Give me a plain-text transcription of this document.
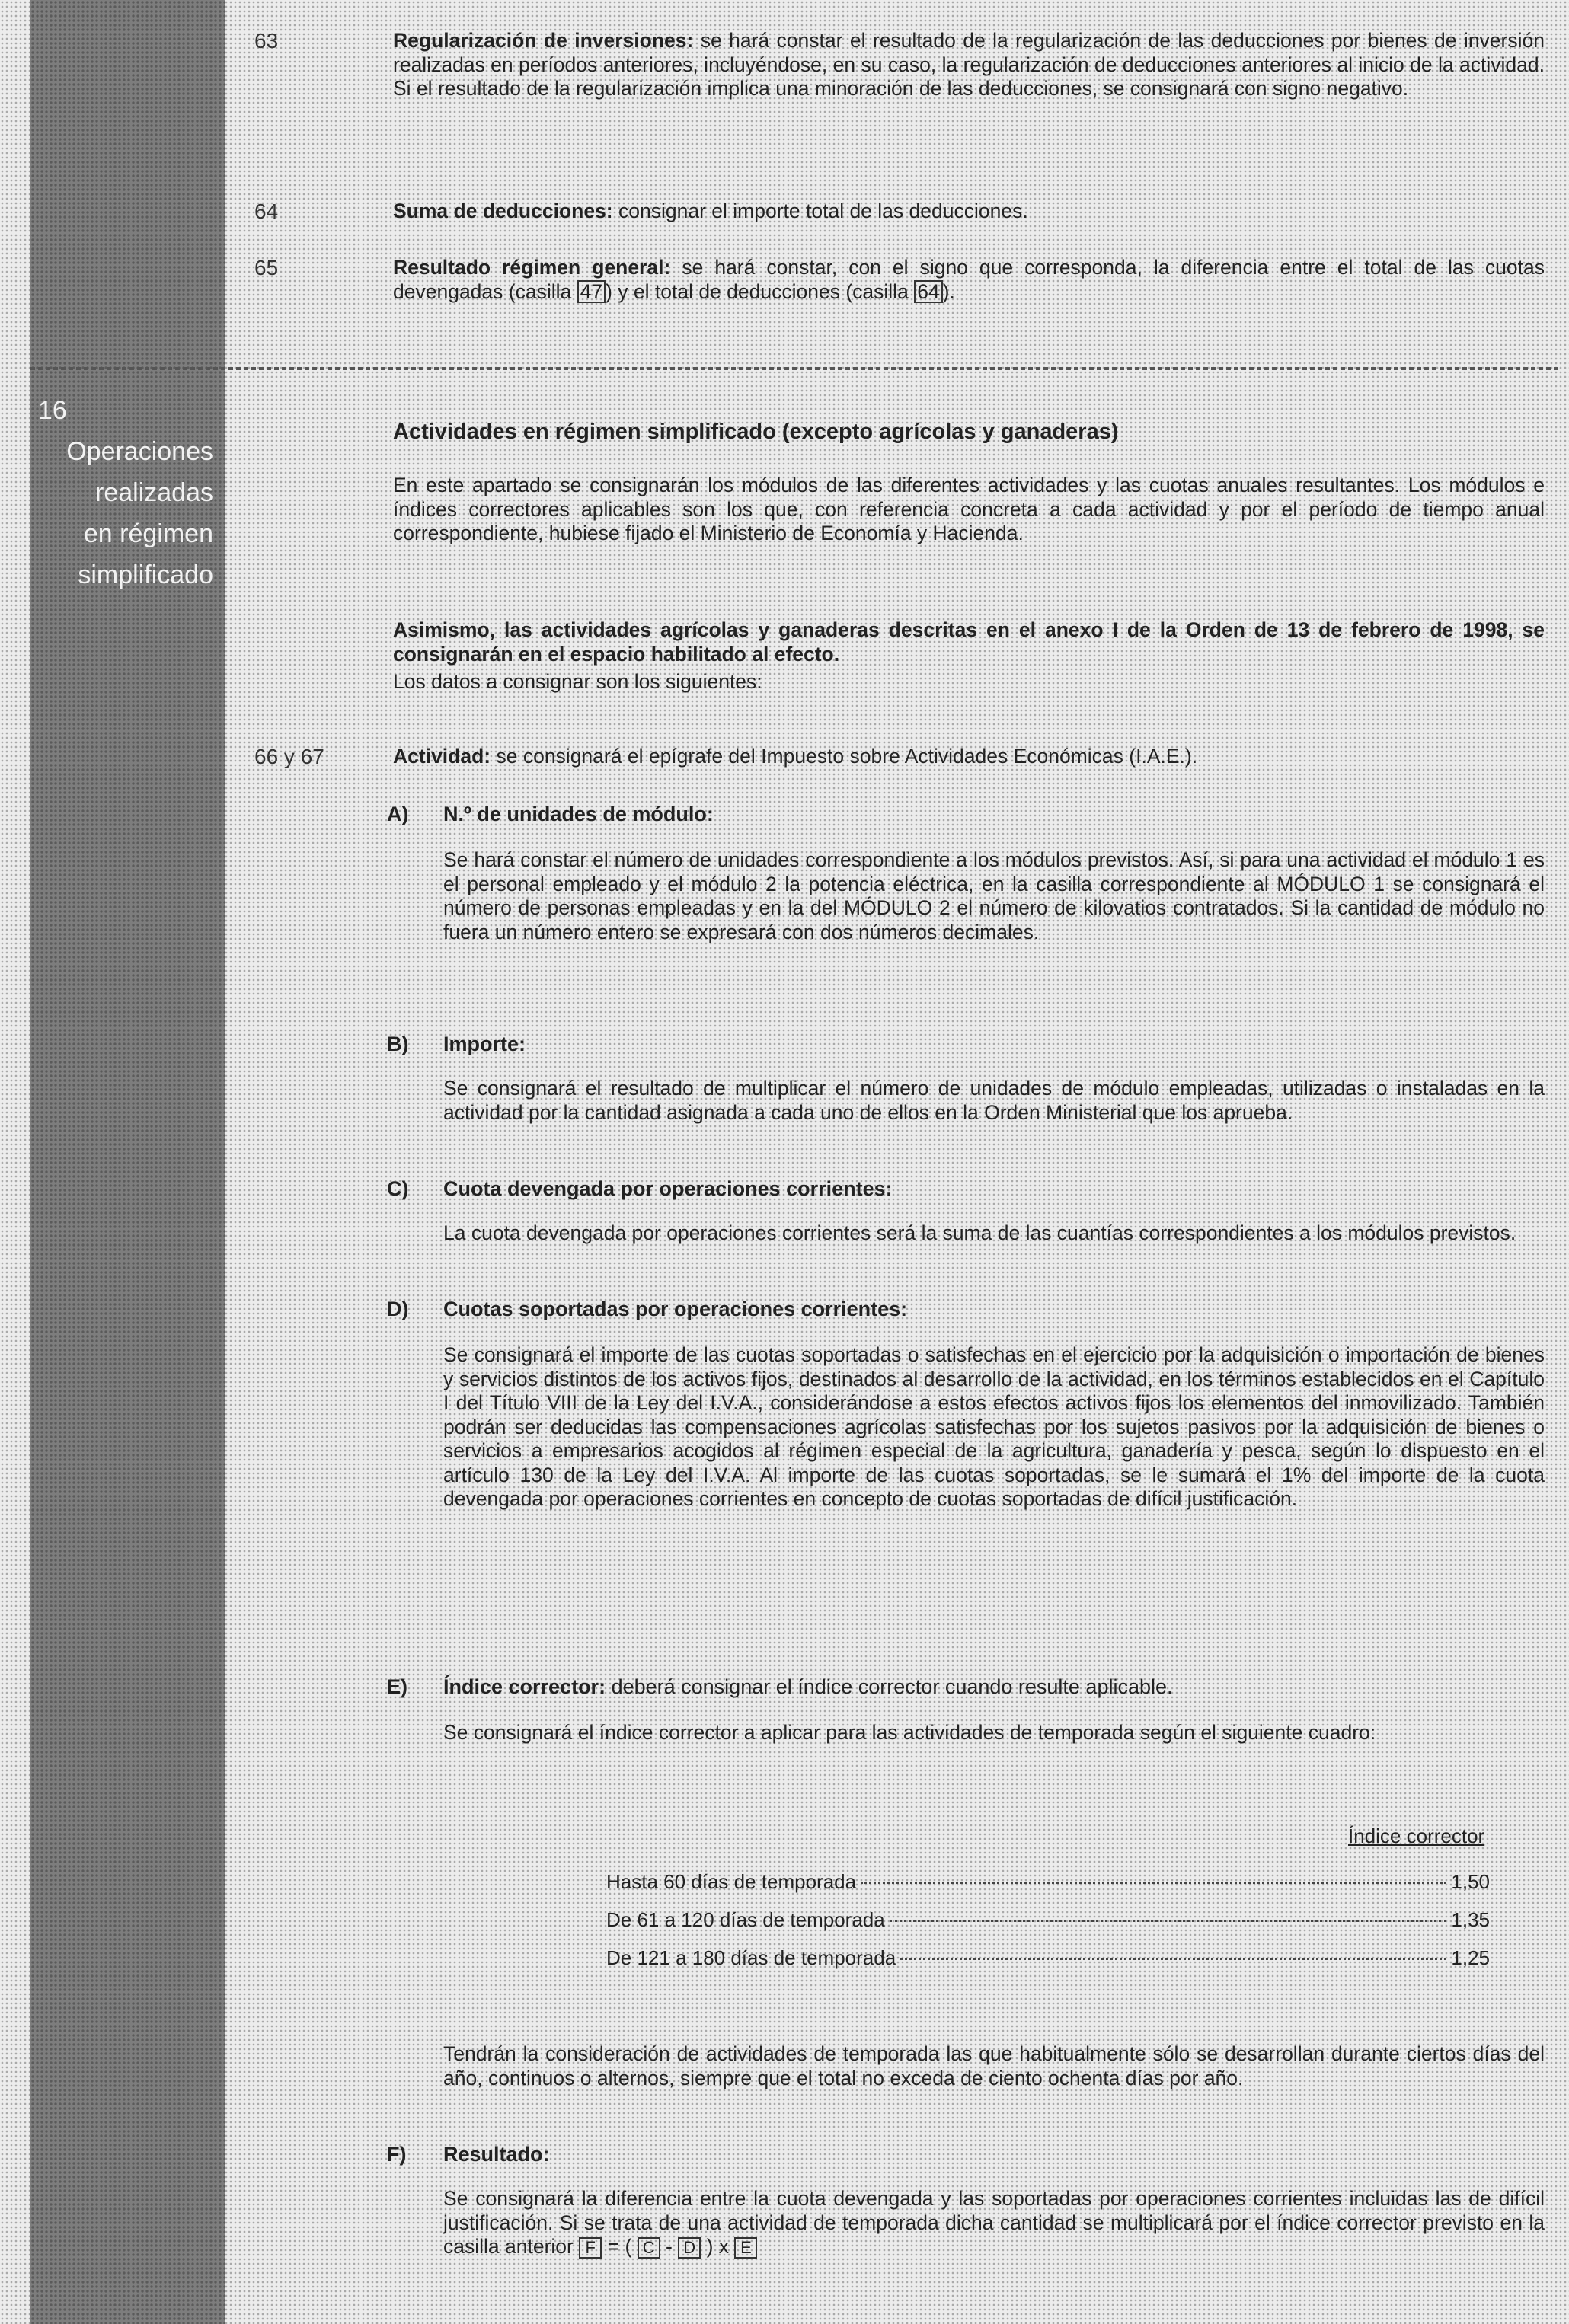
16
Operaciones
realizadas
en régimen
simplificado
63	Regularización de inversiones: se hará constar el resultado de la regularización de las deducciones por bienes de inversión realizadas en períodos anteriores, incluyéndose, en su caso, la regularización de deducciones anteriores al inicio de la actividad. Si el resultado de la regularización implica una minoración de las deducciones, se consignará con signo negativo.
64	Suma de deducciones: consignar el importe total de las deducciones.
65	Resultado régimen general: se hará constar, con el signo que corresponda, la diferencia entre el total de las cuotas devengadas (casilla 47 ) y el total de deducciones (casilla 64 ).
Actividades en régimen simplificado (excepto agrícolas y ganaderas)
En este apartado se consignarán los módulos de las diferentes actividades y las cuotas anuales resultantes. Los módulos e índices correctores aplicables son los que, con referencia concreta a cada actividad y por el período de tiempo anual correspondiente, hubiese fijado el Ministerio de Economía y Hacienda.
Asimismo, las actividades agrícolas y ganaderas descritas en el anexo I de la Orden de 13 de febrero de 1998, se consignarán en el espacio habilitado al efecto.
Los datos a consignar son los siguientes:
66 y 67	Actividad: se consignará el epígrafe del Impuesto sobre Actividades Económicas (I.A.E.).
A) N.º de unidades de módulo:
Se hará constar el número de unidades correspondiente a los módulos previstos. Así, si para una actividad el módulo 1 es el personal empleado y el módulo 2 la potencia eléctrica, en la casilla correspondiente al MÓDULO 1 se consignará el número de personas empleadas y en la del MÓDULO 2 el número de kilovatios contratados. Si la cantidad de módulo no fuera un número entero se expresará con dos números decimales.
B) Importe:
Se consignará el resultado de multiplicar el número de unidades de módulo empleadas, utilizadas o instaladas en la actividad por la cantidad asignada a cada uno de ellos en la Orden Ministerial que los aprueba.
C) Cuota devengada por operaciones corrientes:
La cuota devengada por operaciones corrientes será la suma de las cuantías correspondientes a los módulos previstos.
D) Cuotas soportadas por operaciones corrientes:
Se consignará el importe de las cuotas soportadas o satisfechas en el ejercicio por la adquisición o importación de bienes y servicios distintos de los activos fijos, destinados al desarrollo de la actividad, en los términos establecidos en el Capítulo I del Título VIII de la Ley del I.V.A., considerándose a estos efectos activos fijos los elementos del inmovilizado. También podrán ser deducidas las compensaciones agrícolas satisfechas por los sujetos pasivos por la adquisición de bienes o servicios a empresarios acogidos al régimen especial de la agricultura, ganadería y pesca, según lo dispuesto en el artículo 130 de la Ley del I.V.A. Al importe de las cuotas soportadas, se le sumará el 1% del importe de la cuota devengada por operaciones corrientes en concepto de cuotas soportadas de difícil justificación.
E) Índice corrector: deberá consignar el índice corrector cuando resulte aplicable.
Se consignará el índice corrector a aplicar para las actividades de temporada según el siguiente cuadro:
Índice corrector
Hasta 60 días de temporada	1,50
De 61 a 120 días de temporada	1,35
De 121 a 180 días de temporada	1,25
Tendrán la consideración de actividades de temporada las que habitualmente sólo se desarrollan durante ciertos días del año, continuos o alternos, siempre que el total no exceda de ciento ochenta días por año.
F) Resultado:
Se consignará la diferencia entre la cuota devengada y las soportadas por operaciones corrientes incluidas las de difícil justificación. Si se trata de una actividad de temporada dicha cantidad se multiplicará por el índice corrector previsto en la casilla anterior F = ( C - D ) x E
